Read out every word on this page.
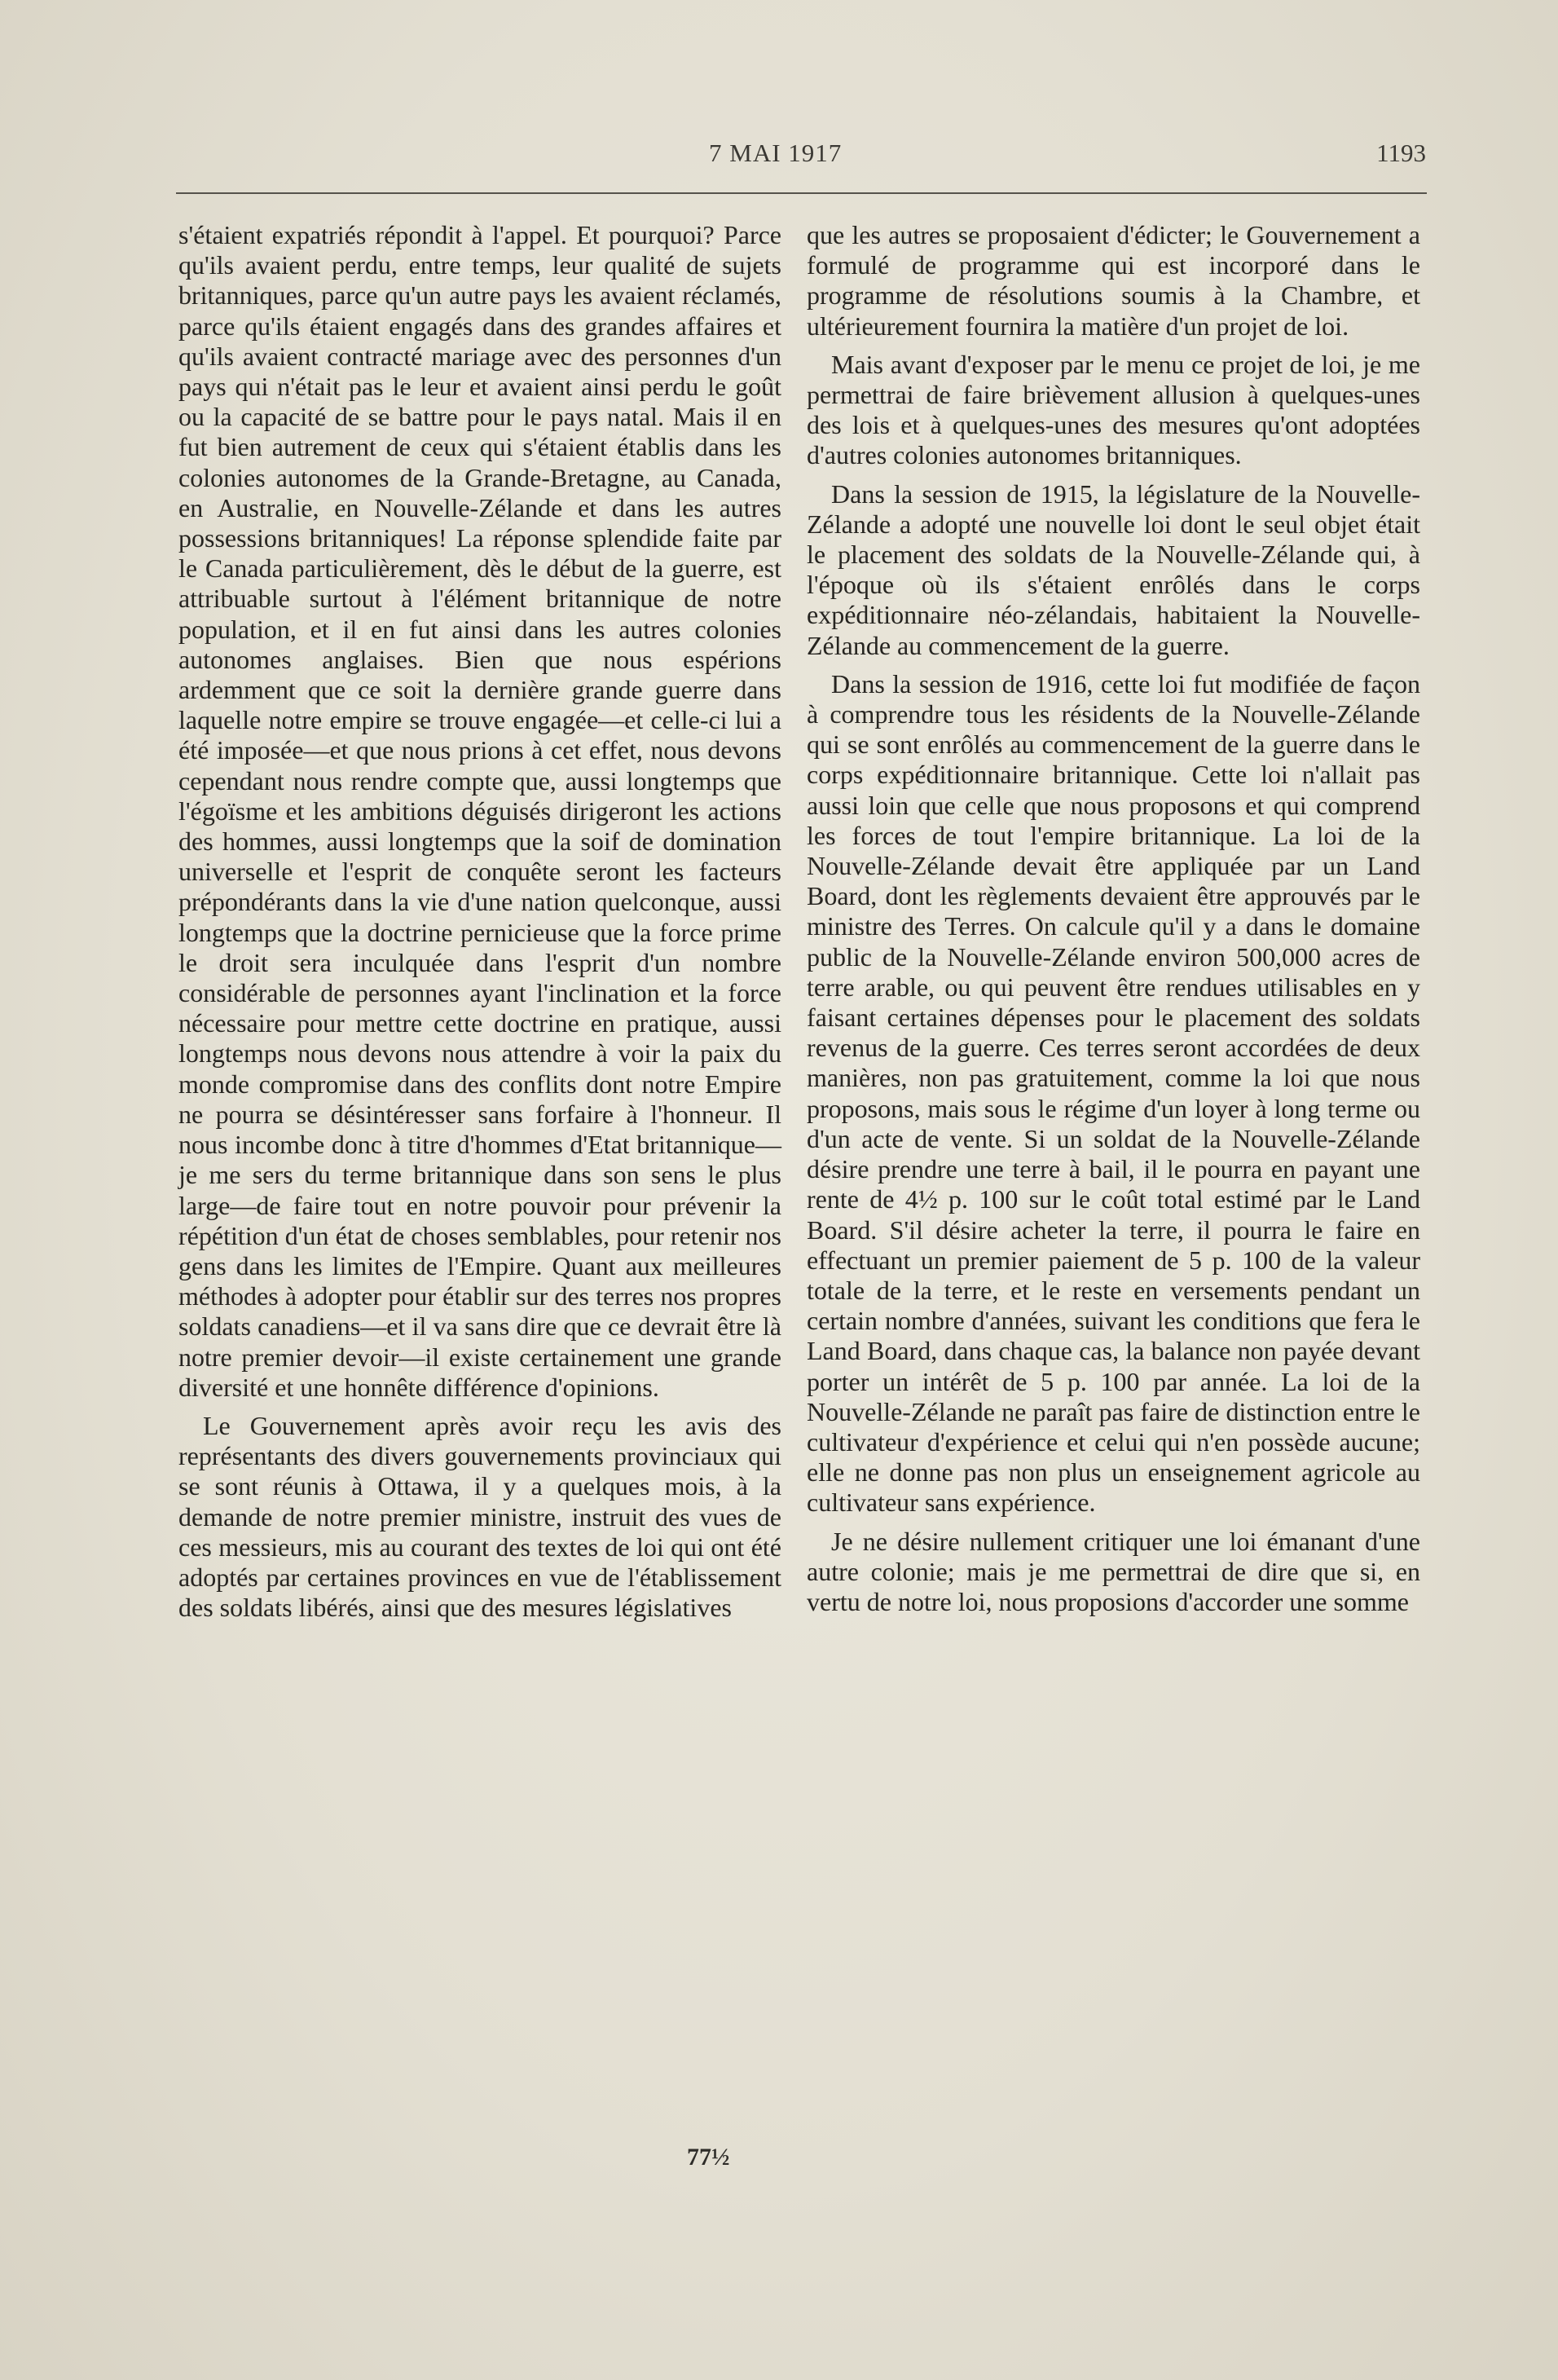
7 MAI 1917	1193

s'étaient expatriés répondit à l'appel. Et pourquoi? Parce qu'ils avaient perdu, entre temps, leur qualité de sujets britanniques, parce qu'un autre pays les avaient réclamés, parce qu'ils étaient engagés dans des grandes affaires et qu'ils avaient contracté mariage avec des personnes d'un pays qui n'était pas le leur et avaient ainsi perdu le goût ou la capacité de se battre pour le pays natal. Mais il en fut bien autrement de ceux qui s'étaient établis dans les colonies autonomes de la Grande-Bretagne, au Canada, en Australie, en Nouvelle-Zélande et dans les autres possessions britanniques! La réponse splendide faite par le Canada particulièrement, dès le début de la guerre, est attribuable surtout à l'élément britannique de notre population, et il en fut ainsi dans les autres colonies autonomes anglaises. Bien que nous espérions ardemment que ce soit la dernière grande guerre dans laquelle notre empire se trouve engagée—et celle-ci lui a été imposée—et que nous prions à cet effet, nous devons cependant nous rendre compte que, aussi longtemps que l'égoïsme et les ambitions déguisés dirigeront les actions des hommes, aussi longtemps que la soif de domination universelle et l'esprit de conquête seront les facteurs prépondérants dans la vie d'une nation quelconque, aussi longtemps que la doctrine pernicieuse que la force prime le droit sera inculquée dans l'esprit d'un nombre considérable de personnes ayant l'inclination et la force nécessaire pour mettre cette doctrine en pratique, aussi longtemps nous devons nous attendre à voir la paix du monde compromise dans des conflits dont notre Empire ne pourra se désintéresser sans forfaire à l'honneur. Il nous incombe donc à titre d'hommes d'Etat britannique—je me sers du terme britannique dans son sens le plus large—de faire tout en notre pouvoir pour prévenir la répétition d'un état de choses semblables, pour retenir nos gens dans les limites de l'Empire. Quant aux meilleures méthodes à adopter pour établir sur des terres nos propres soldats canadiens—et il va sans dire que ce devrait être là notre premier devoir—il existe certainement une grande diversité et une honnête différence d'opinions.

Le Gouvernement après avoir reçu les avis des représentants des divers gouvernements provinciaux qui se sont réunis à Ottawa, il y a quelques mois, à la demande de notre premier ministre, instruit des vues de ces messieurs, mis au courant des textes de loi qui ont été adoptés par certaines provinces en vue de l'établissement des soldats libérés, ainsi que des mesures législatives

que les autres se proposaient d'édicter; le Gouvernement a formulé de programme qui est incorporé dans le programme de résolutions soumis à la Chambre, et ultérieurement fournira la matière d'un projet de loi.

Mais avant d'exposer par le menu ce projet de loi, je me permettrai de faire brièvement allusion à quelques-unes des lois et à quelques-unes des mesures qu'ont adoptées d'autres colonies autonomes britanniques.

Dans la session de 1915, la législature de la Nouvelle-Zélande a adopté une nouvelle loi dont le seul objet était le placement des soldats de la Nouvelle-Zélande qui, à l'époque où ils s'étaient enrôlés dans le corps expéditionnaire néo-zélandais, habitaient la Nouvelle-Zélande au commencement de la guerre.

Dans la session de 1916, cette loi fut modifiée de façon à comprendre tous les résidents de la Nouvelle-Zélande qui se sont enrôlés au commencement de la guerre dans le corps expéditionnaire britannique. Cette loi n'allait pas aussi loin que celle que nous proposons et qui comprend les forces de tout l'empire britannique. La loi de la Nouvelle-Zélande devait être appliquée par un Land Board, dont les règlements devaient être approuvés par le ministre des Terres. On calcule qu'il y a dans le domaine public de la Nouvelle-Zélande environ 500,000 acres de terre arable, ou qui peuvent être rendues utilisables en y faisant certaines dépenses pour le placement des soldats revenus de la guerre. Ces terres seront accordées de deux manières, non pas gratuitement, comme la loi que nous proposons, mais sous le régime d'un loyer à long terme ou d'un acte de vente. Si un soldat de la Nouvelle-Zélande désire prendre une terre à bail, il le pourra en payant une rente de 4½ p. 100 sur le coût total estimé par le Land Board. S'il désire acheter la terre, il pourra le faire en effectuant un premier paiement de 5 p. 100 de la valeur totale de la terre, et le reste en versements pendant un certain nombre d'années, suivant les conditions que fera le Land Board, dans chaque cas, la balance non payée devant porter un intérêt de 5 p. 100 par année. La loi de la Nouvelle-Zélande ne paraît pas faire de distinction entre le cultivateur d'expérience et celui qui n'en possède aucune; elle ne donne pas non plus un enseignement agricole au cultivateur sans expérience.

Je ne désire nullement critiquer une loi émanant d'une autre colonie; mais je me permettrai de dire que si, en vertu de notre loi, nous proposions d'accorder une somme

77½
